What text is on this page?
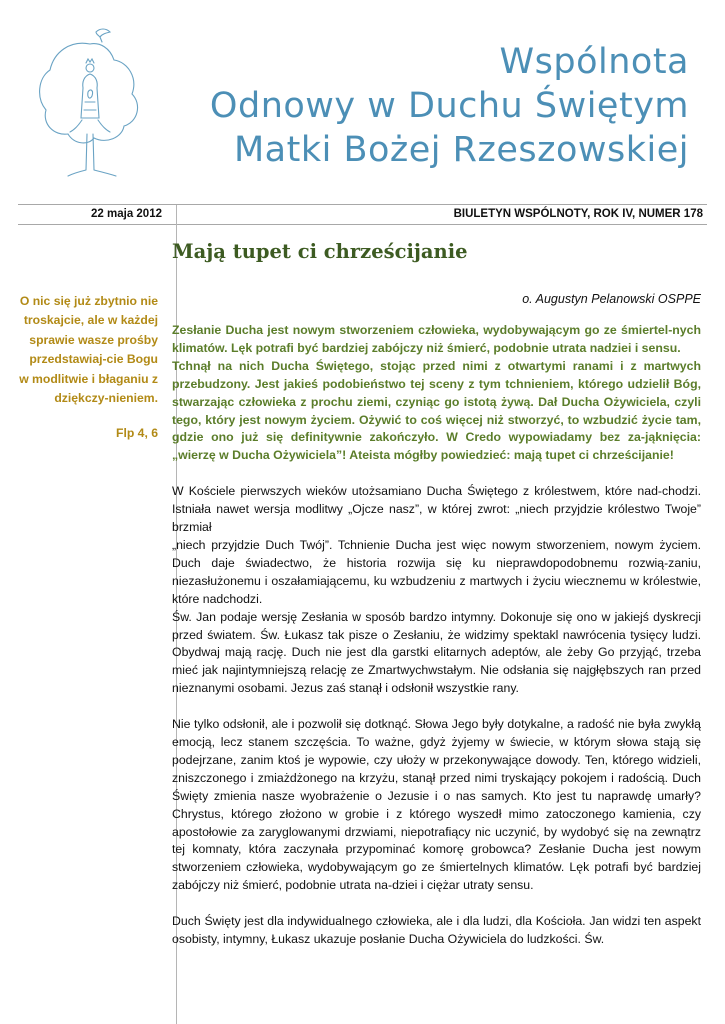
Wspólnota
Odnowy w Duchu Świętym
Matki Bożej Rzeszowskiej
22 maja 2012	BIULETYN WSPÓLNOTY, ROK IV, NUMER 178
O nic się już zbytnio nie troskajcie, ale w każdej sprawie wasze prośby przedstawiaj-cie Bogu w modlitwie i błaganiu z dziękczy-nieniem.
Flp 4, 6
Mają tupet ci chrześcijanie
o. Augustyn Pelanowski OSPPE

Zesłanie Ducha jest nowym stworzeniem człowieka, wydobywającym go ze śmiertel-nych klimatów. Lęk potrafi być bardziej zabójczy niż śmierć, podobnie utrata nadziei i sensu.

Tchnął na nich Ducha Świętego, stojąc przed nimi z otwartymi ranami i z martwych przebudzony. Jest jakieś podobieństwo tej sceny z tym tchnieniem, którego udzielił Bóg, stwarzając człowieka z prochu ziemi, czyniąc go istotą żywą. Dał Ducha Ożywiciela, czyli tego, który jest nowym życiem. Ożywić to coś więcej niż stworzyć, to wzbudzić życie tam, gdzie ono już się definitywnie zakończyło. W Credo wypowiadamy bez za-jąknięcia: „wierzę w Ducha Ożywiciela”! Ateista mógłby powiedzieć: mają tupet ci chrześcijanie!

W Kościele pierwszych wieków utożsamiano Ducha Świętego z królestwem, które nad-chodzi. Istniała nawet wersja modlitwy „Ojcze nasz”, w której zwrot: „niech przyjdzie królestwo Twoje” brzmiał

„niech przyjdzie Duch Twój”. Tchnienie Ducha jest więc nowym stworzeniem, nowym życiem. Duch daje świadectwo, że historia rozwija się ku nieprawdopodobnemu rozwią-zaniu, niezasłużonemu i oszałamiającemu, ku wzbudzeniu z martwych i życiu wiecznemu w królestwie, które nadchodzi.

Św. Jan podaje wersję Zesłania w sposób bardzo intymny. Dokonuje się ono w jakiejś dyskrecji przed światem. Św. Łukasz tak pisze o Zesłaniu, że widzimy spektakl nawrócenia tysięcy ludzi. Obydwaj mają rację. Duch nie jest dla garstki elitarnych adeptów, ale żeby Go przyjąć, trzeba mieć jak najintymniejszą relację ze Zmartwychwstałym. Nie odsłania się najgłębszych ran przed nieznanymi osobami. Jezus zaś stanął i odsłonił wszystkie rany.

Nie tylko odsłonił, ale i pozwolił się dotknąć. Słowa Jego były dotykalne, a radość nie była zwykłą emocją, lecz stanem szczęścia. To ważne, gdyż żyjemy w świecie, w którym słowa stają się podejrzane, zanim ktoś je wypowie, czy ułoży w przekonywające dowody. Ten, którego widzieli, zniszczonego i zmiażdżonego na krzyżu, stanął przed nimi tryskający pokojem i radością. Duch Święty zmienia nasze wyobrażenie o Jezusie i o nas samych. Kto jest tu naprawdę umarły? Chrystus, którego złożono w grobie i z którego wyszedł mimo zatoczonego kamienia, czy apostołowie za zaryglowanymi drzwiami, niepotrafiący nic uczynić, by wydobyć się na zewnątrz tej komnaty, która zaczynała przypominać komorę grobowca? Zesłanie Ducha jest nowym stworzeniem człowieka, wydobywającym go ze śmiertelnych klimatów. Lęk potrafi być bardziej zabójczy niż śmierć, podobnie utrata na-dziei i ciężar utraty sensu.

Duch Święty jest dla indywidualnego człowieka, ale i dla ludzi, dla Kościoła. Jan widzi ten aspekt osobisty, intymny, Łukasz ukazuje posłanie Ducha Ożywiciela do ludzkości. Św.
